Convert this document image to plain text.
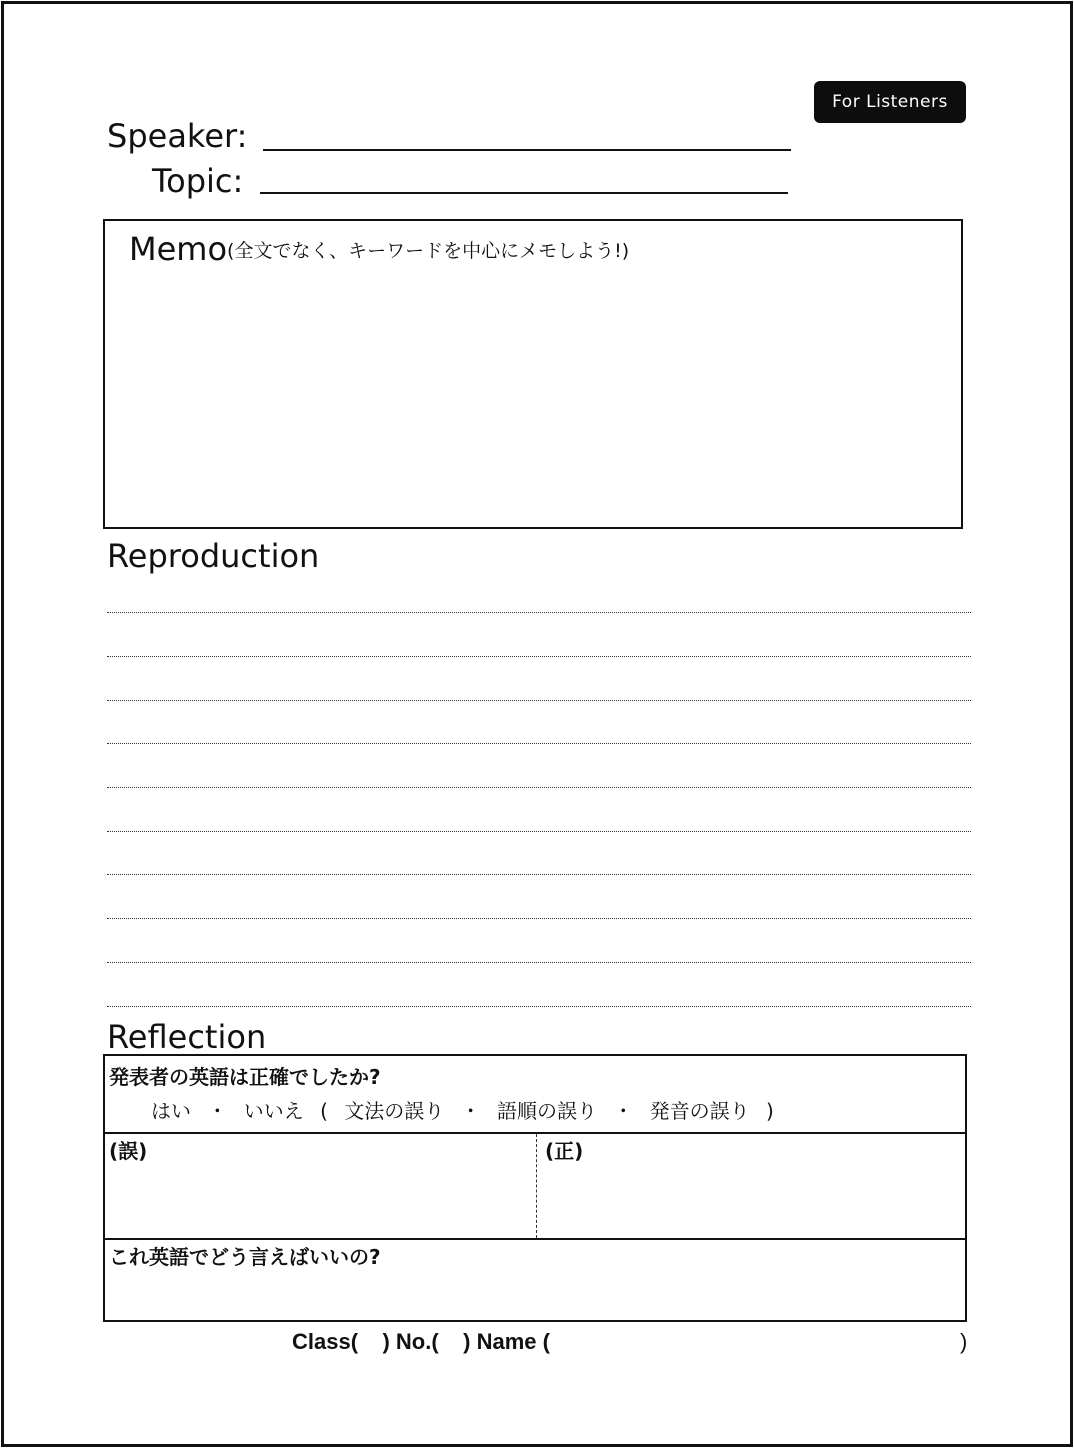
For Listeners
Speaker:
Topic:
Memo(全文でなく、キーワードを中心にメモしよう!)
Reproduction
Reflection
発表者の英語は正確でしたか?
はい ・ いいえ ( 文法の誤り ・ 語順の誤り ・ 発音の誤り )
(誤)	(正)
これ英語でどう言えばいいの?
Class(    ) No.(    ) Name (	)
